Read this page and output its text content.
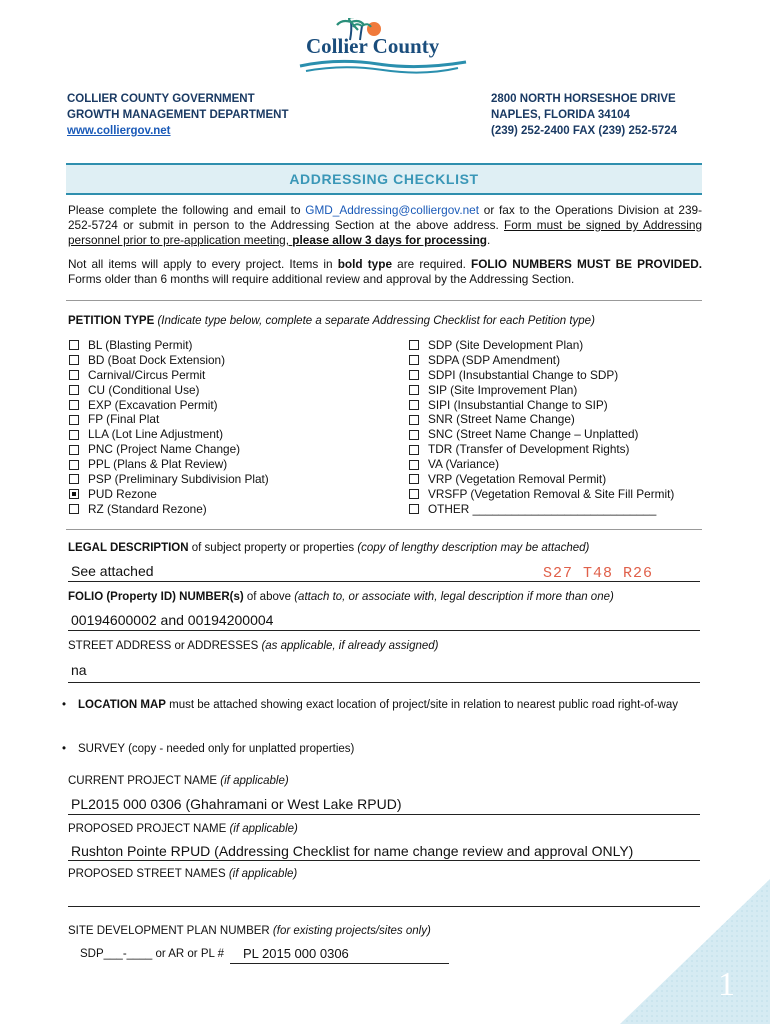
Collier County
COLLIER COUNTY GOVERNMENT
GROWTH MANAGEMENT DEPARTMENT
www.colliergov.net
2800 NORTH HORSESHOE DRIVE
NAPLES, FLORIDA 34104
(239) 252-2400 FAX (239) 252-5724
ADDRESSING CHECKLIST
Please complete the following and email to GMD_Addressing@colliergov.net or fax to the Operations Division at 239-252-5724 or submit in person to the Addressing Section at the above address. Form must be signed by Addressing personnel prior to pre-application meeting, please allow 3 days for processing.
Not all items will apply to every project. Items in bold type are required. FOLIO NUMBERS MUST BE PROVIDED. Forms older than 6 months will require additional review and approval by the Addressing Section.
PETITION TYPE (Indicate type below, complete a separate Addressing Checklist for each Petition type)
BL (Blasting Permit)
BD (Boat Dock Extension)
Carnival/Circus Permit
CU (Conditional Use)
EXP (Excavation Permit)
FP (Final Plat
LLA (Lot Line Adjustment)
PNC (Project Name Change)
PPL (Plans & Plat Review)
PSP (Preliminary Subdivision Plat)
PUD Rezone
RZ (Standard Rezone)
SDP (Site Development Plan)
SDPA (SDP Amendment)
SDPI (Insubstantial Change to SDP)
SIP (Site Improvement Plan)
SIPI (Insubstantial Change to SIP)
SNR (Street Name Change)
SNC (Street Name Change – Unplatted)
TDR (Transfer of Development Rights)
VA (Variance)
VRP (Vegetation Removal Permit)
VRSFP (Vegetation Removal & Site Fill Permit)
OTHER ____________________________
LEGAL DESCRIPTION of subject property or properties (copy of lengthy description may be attached)
See attached	S27 T48 R26
FOLIO (Property ID) NUMBER(s) of above (attach to, or associate with, legal description if more than one)
00194600002 and 00194200004
STREET ADDRESS or ADDRESSES (as applicable, if already assigned)
na
•	LOCATION MAP must be attached showing exact location of project/site in relation to nearest public road right-of-way
•	SURVEY (copy - needed only for unplatted properties)
CURRENT PROJECT NAME (if applicable)
PL2015 000 0306 (Ghahramani or West Lake RPUD)
PROPOSED PROJECT NAME (if applicable)
Rushton Pointe RPUD (Addressing Checklist for name change review and approval ONLY)
PROPOSED STREET NAMES (if applicable)
SITE DEVELOPMENT PLAN NUMBER (for existing projects/sites only)
SDP___-____ or AR or PL # PL 2015 000 0306
1
